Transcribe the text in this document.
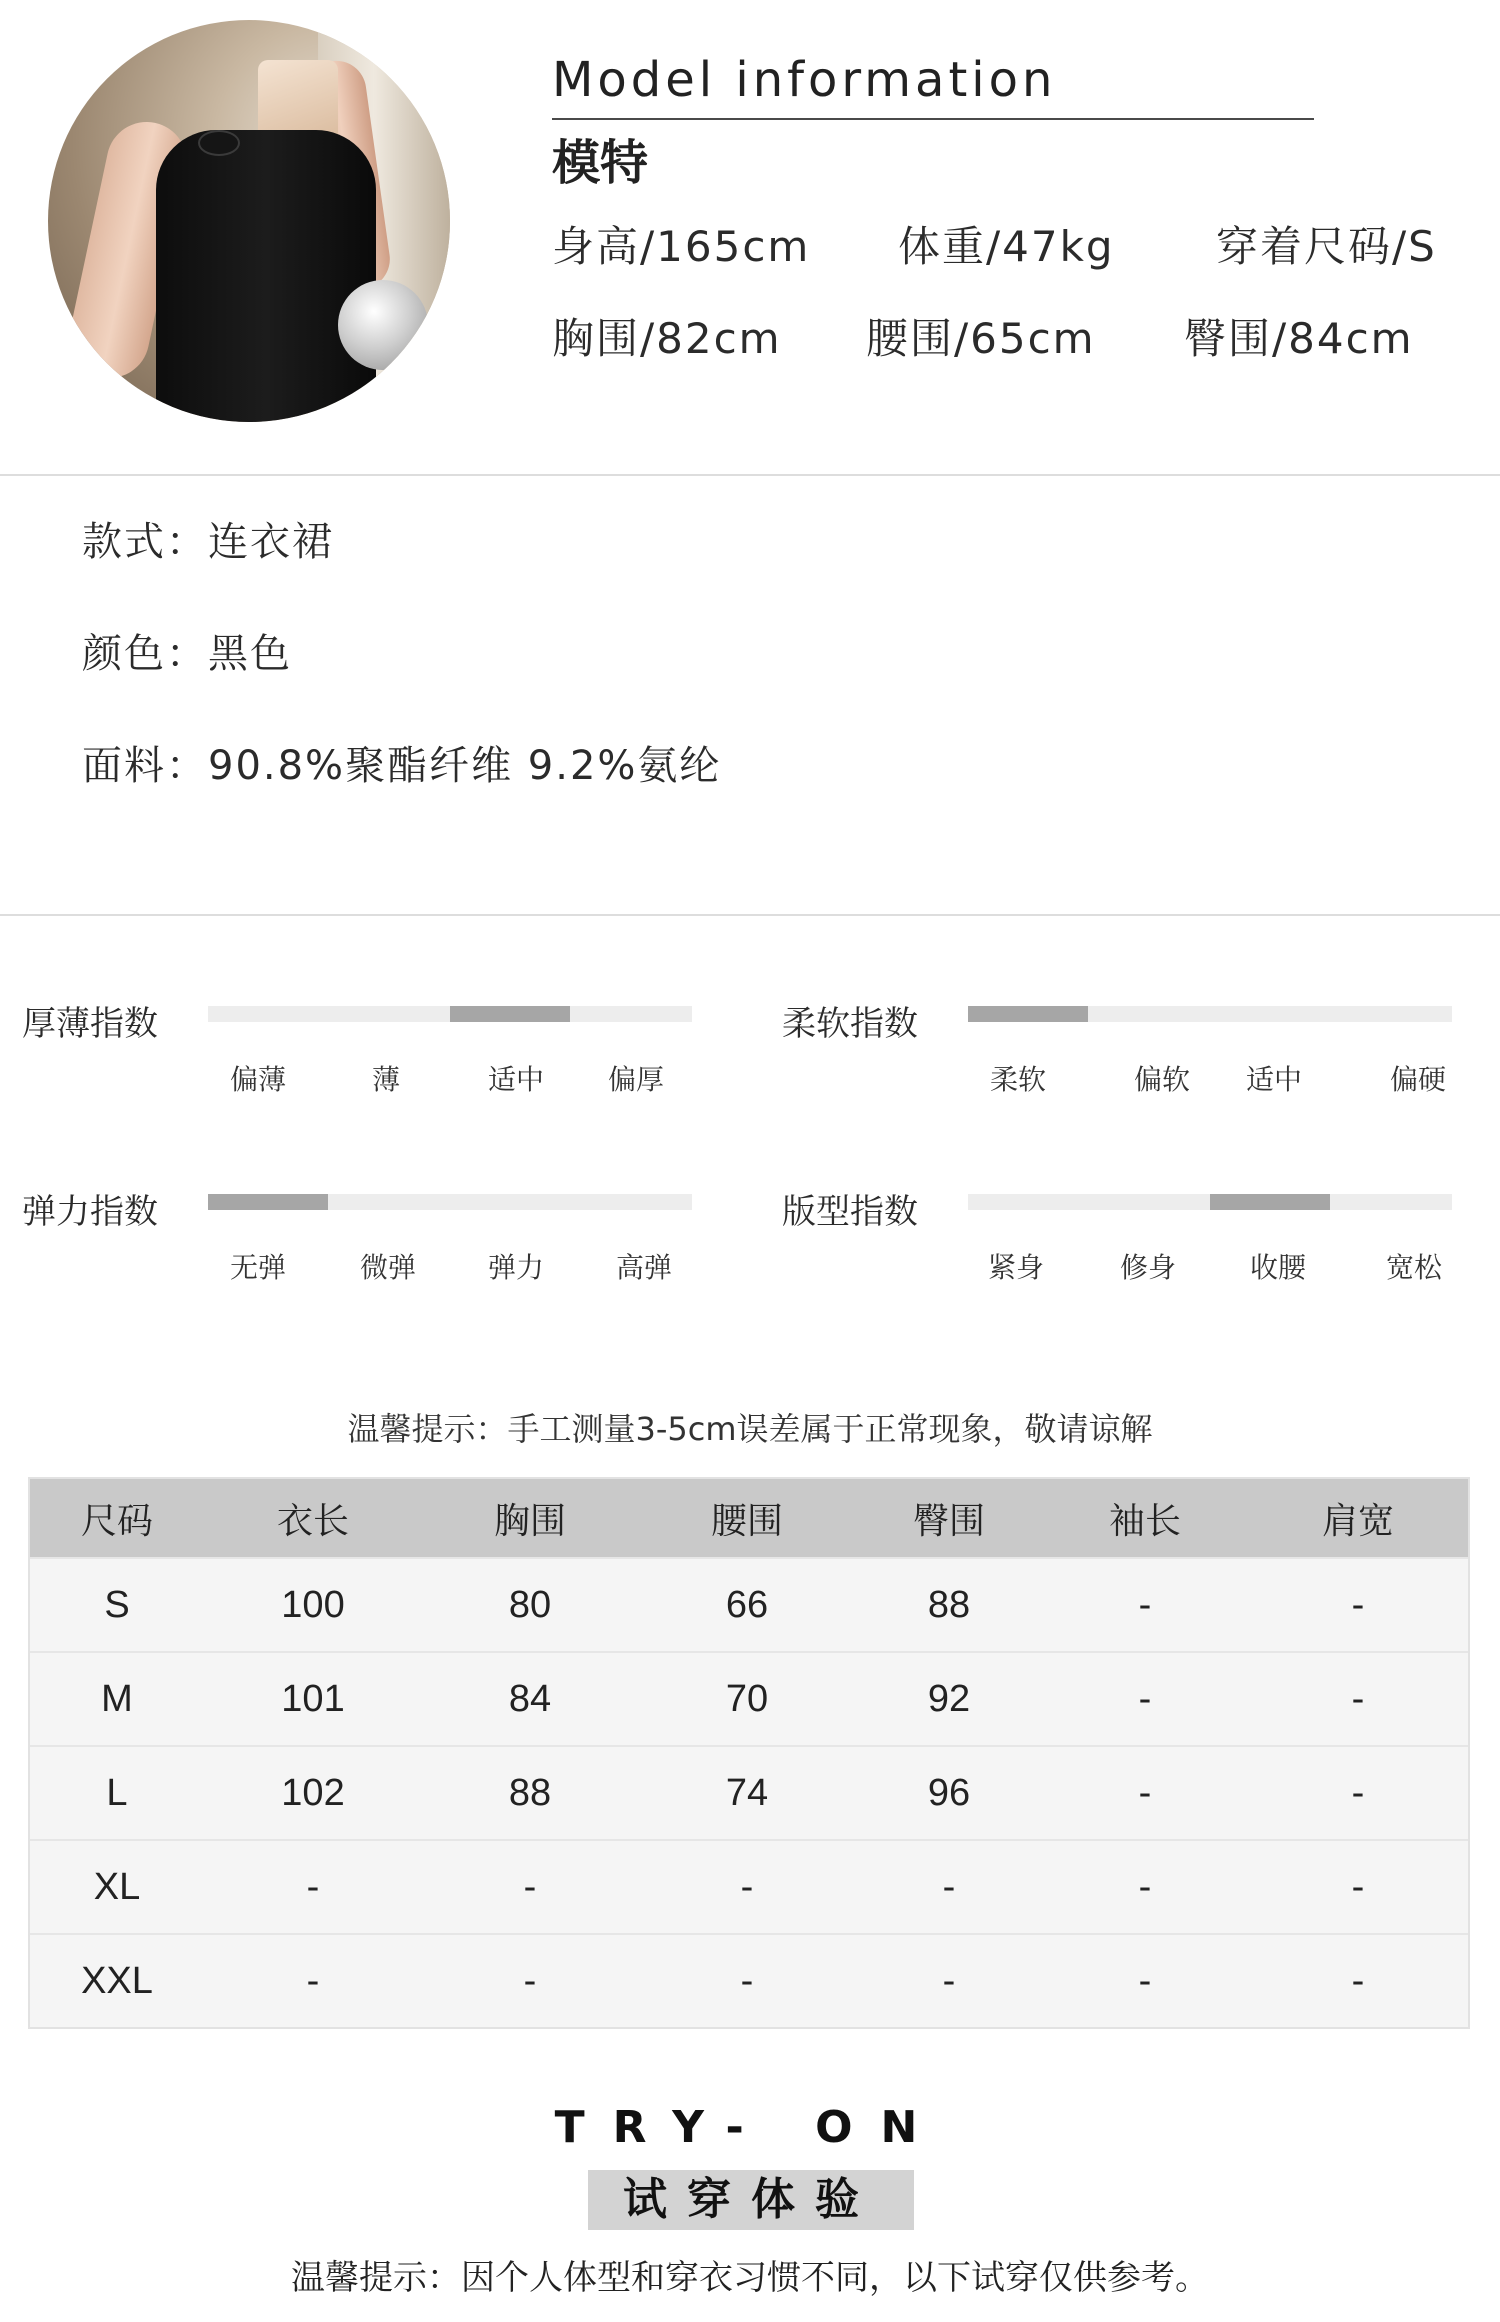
Model information
模特
身高/165cm 体重/47kg 穿着尺码/S
胸围/82cm 腰围/65cm 臀围/84cm
款式：连衣裙
颜色：黑色
面料：90.8%聚酯纤维 9.2%氨纶
厚薄指数
偏薄	薄	适中	偏厚
柔软指数
柔软	偏软	适中	偏硬
弹力指数
无弹	微弹	弹力	高弹
版型指数
紧身	修身	收腰	宽松
温馨提示：手工测量3-5cm误差属于正常现象，敬请谅解
尺码	衣长	胸围	腰围	臀围	袖长	肩宽
S	100	80	66	88	-	-
M	101	84	70	92	-	-
L	102	88	74	96	-	-
XL	-	-	-	-	-	-
XXL	-	-	-	-	-	-
TRY- ON
试穿体验
温馨提示：因个人体型和穿衣习惯不同，以下试穿仅供参考。
